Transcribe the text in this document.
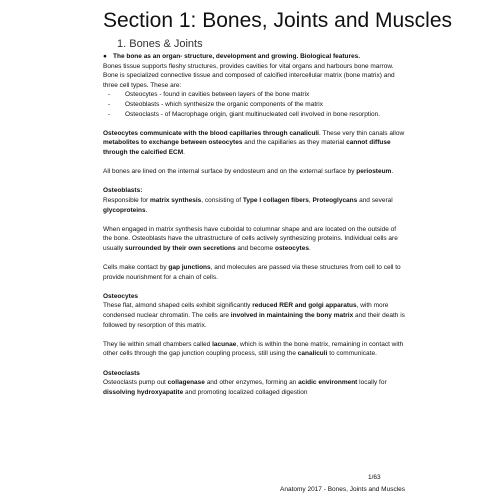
Section 1: Bones, Joints and Muscles
1. Bones & Joints

● The bone as an organ- structure, development and growing. Biological features.

Bones tissue supports fleshy structures, provides cavities for vital organs and harbours bone marrow. Bone is specialized connective tissue and composed of calcified intercellular matrix (bone matrix) and three cell types. These are:

- Osteocytes - found in cavities between layers of the bone matrix
- Osteoblasts - which synthesize the organic components of the matrix
- Osteoclasts - of Macrophage origin, giant multinucleated cell involved in bone resorption.

Osteocytes communicate with the blood capillaries through canaliculi. These very thin canals allow metabolites to exchange between osteocytes and the capillaries as they material cannot diffuse through the calcified ECM.

All bones are lined on the internal surface by endosteum and on the external surface by periosteum.

Osteoblasts:

Responsible for matrix synthesis, consisting of Type I collagen fibers, Proteoglycans and several glycoproteins.

When engaged in matrix synthesis have cuboidal to columnar shape and are located on the outside of the bone. Osteoblasts have the ultrastructure of cells actively synthesizing proteins. Individual cells are usually surrounded by their own secretions and become osteocytes.

Cells make contact by gap junctions, and molecules are passed via these structures from cell to cell to provide nourishment for a chain of cells.

Osteocytes

These flat, almond shaped cells exhibit significantly reduced RER and golgi apparatus, with more condensed nuclear chromatin. The cells are involved in maintaining the bony matrix and their death is followed by resorption of this matrix.

They lie within small chambers called lacunae, which is within the bone matrix, remaining in contact with other cells through the gap junction coupling process, still using the canaliculi to communicate.

Osteoclasts

Osteoclasts pump out collagenase and other enzymes, forming an acidic environment locally for dissolving hydroxyapatite and promoting localized collaged digestion

1/63
Anatomy 2017 - Bones, Joints and Muscles
